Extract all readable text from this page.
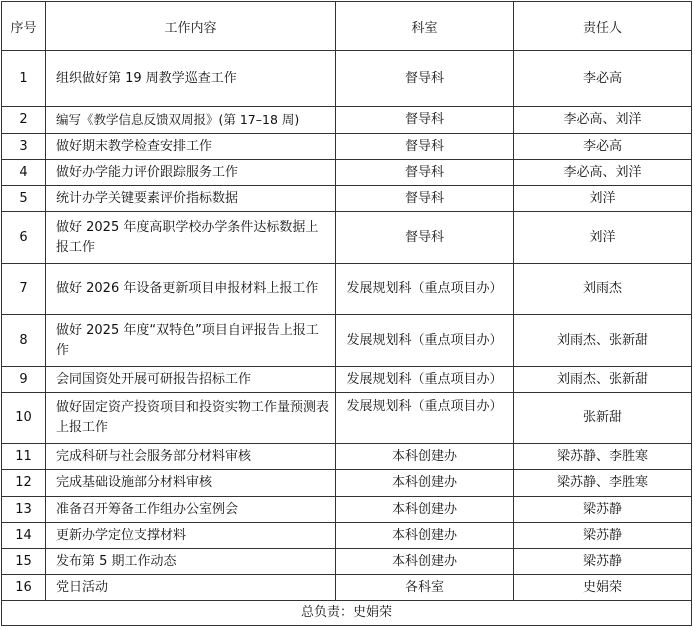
序号	工作内容	科室	责任人
1	组织做好第 19 周教学巡查工作	督导科	李必高
2	编写《教学信息反馈双周报》(第 17–18 周)	督导科	李必高、刘洋
3	做好期末教学检查安排工作	督导科	李必高
4	做好办学能力评价跟踪服务工作	督导科	李必高、刘洋
5	统计办学关键要素评价指标数据	督导科	刘洋
6	做好 2025 年度高职学校办学条件达标数据上报工作	督导科	刘洋
7	做好 2026 年设备更新项目申报材料上报工作	发展规划科（重点项目办）	刘雨杰
8	做好 2025 年度“双特色”项目自评报告上报工作	发展规划科（重点项目办）	刘雨杰、张新甜
9	会同国资处开展可研报告招标工作	发展规划科（重点项目办）	刘雨杰、张新甜
10	做好固定资产投资项目和投资实物工作量预测表上报工作	发展规划科（重点项目办）	张新甜
11	完成科研与社会服务部分材料审核	本科创建办	梁苏静、李胜寒
12	完成基础设施部分材料审核	本科创建办	梁苏静、李胜寒
13	准备召开筹备工作组办公室例会	本科创建办	梁苏静
14	更新办学定位支撑材料	本科创建办	梁苏静
15	发布第 5 期工作动态	本科创建办	梁苏静
16	党日活动	各科室	史娟荣
总负责：史娟荣			
